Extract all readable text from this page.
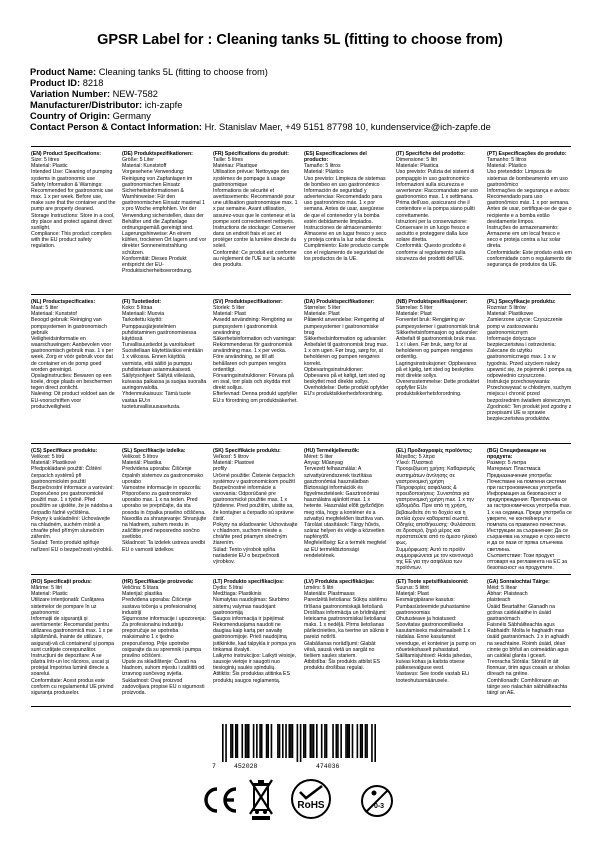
GPSR Label for : Cleaning tanks 5L (fitting to choose from)
Product Name: Cleaning tanks 5L (fitting to choose from)
Product ID: 8218
Variation Number: NEW-7582
Manufacturer/Distributor: ich-zapfe
Country of Origin: Germany
Contact Person & Contact Information: Hr. Stanislav Maer, +49 5151 87798 10, kundenservice@ich-zapfe.de
(EN) Product Specifications:

Size: 5 litres
Material: Plastic
Intended Use: Cleaning of pumping systems in gastronomic use
Safety Information & Warnings: Recommended for gastronomic use max. 1 x per week. Before use, make sure that the container and the pump are properly cleaned.
Storage Instructions: Store in a cool, dry place and protect against direct sunlight.
Compliance: This product complies with the EU product safety regulation.

(DE) Produktspezifikationen:

Größe: 5 Liter
Material: Kunststoff
Vorgesehene Verwendung: Reinigung von Zapfanlagen im gastronomischen Einsatz
Sicherheitsinformationen & Warnhinweise: Für den gastronomischen Einsatz maximal 1 x pro Woche empfohlen. Vor der Verwendung sicherstellen, dass der Behälter und die Zapfanlage ordnungsgemäß gereinigt sind.
Lagerungshinweise: An einem kühlen, trockenen Ort lagern und vor direkter Sonneneinstrahlung schützen.
Konformität: Dieses Produkt entspricht der EU-Produktsicherheitsverordnung.

(FR) Spécifications du produit:

Taille: 5 litres
Matériau: Plastique
Utilisation prévue: Nettoyage des systèmes de pompage à usage gastronomique
Informations de sécurité et avertissements: Recommandé pour une utilisation gastronomique max. 1 x par semaine. Avant utilisation, assurez-vous que le conteneur et la pompe sont correctement nettoyés.
Instructions de stockage: Conserver dans un endroit frais et sec et protéger contre la lumière directe du soleil.
Conformité: Ce produit est conforme au règlement de l'UE sur la sécurité des produits.

(ES) Especificaciones del producto:

Tamaño: 5 litros
Material: Plástico
Uso previsto: Limpieza de sistemas de bombeo en uso gastronómico
Información de seguridad y advertencias: Recomendado para uso gastronómico máx. 1 x por semana. Antes de usar, asegúrese de que el contenedor y la bomba estén debidamente limpiados.
Instrucciones de almacenamiento: Almacene en un lugar fresco y seco y proteja contra la luz solar directa.
Cumplimiento: Este producto cumple con el reglamento de seguridad de los productos de la UE.

(IT) Specifiche del prodotto:

Dimensione: 5 litri
Materiale: Plastica
Uso previsto: Pulizia dei sistemi di pompaggio in uso gastronomico
Informazioni sulla sicurezza e avvertenze: Raccomandato per uso gastronomico max. 1 x settimana. Prima dell'uso, assicurarsi che il contenitore e la pompa siano puliti correttamente.
Istruzioni per la conservazione: Conservare in un luogo fresco e asciutto e proteggere dalla luce solare diretta.
Conformità: Questo prodotto è conforme al regolamento sulla sicurezza dei prodotti dell'UE.

(PT) Especificações do produto:

Tamanho: 5 litros
Material: Plástico
Uso pretendido: Limpeza de sistemas de bombeamento em uso gastronômico
Informações de segurança e avisos: Recomendado para uso gastronômico máx. 1 x por semana. Antes de usar, certifique-se de que o recipiente e a bomba estão devidamente limpos.
Instruções de armazenamento: Armazene em um local fresco e seco e proteja contra a luz solar direta.
Conformidade: Este produto está em conformidade com o regulamento de segurança de produtos da UE.

(NL) Productspecificaties:

Maat: 5 liter
Materiaal: Kunststof
Beoogd gebruik: Reiniging van pompsystemen in gastronomisch gebruik
Veiligheidsinformatie en waarschuwingen: Aanbevolen voor gastronomisch gebruik max. 1 x per week. Zorg er vóór gebruik voor dat de container en de pomp goed worden gereinigd.
Opslaginstructies: Bewaren op een koele, droge plaats en beschermen tegen direct zonlicht.
Naleving: Dit product voldoet aan de EU-voorschriften voor productveiligheid.

(FI) Tuotetiedot:

Koko: 5 litraa
Materiaali: Muovia
Tarkoitettu käyttö: Pumppausjärjestelmien puhdistaminen gastronomisessa käytössä
Turvallisuustiedot ja varoitukset: Suositellaan käytettäväksi enintään 1 x viikossa. Ennen käyttöä varmista, että säiliö ja pumppu puhdistetaan asianmukaisesti.
Säilytysohjeet: Säilytä viileässä, kuivassa paikassa ja suojaa suoralta auringonvalolta.
Yhdenmukaisuus: Tämä tuote vastaa EU:n tuoteturvallisuusasetusta.

(SV) Produktspecifikationer:

Storlek: 5 liter
Material: Plast
Avsedd användning: Rengöring av pumpsystem i gastronomisk användning
Säkerhetsinformation och varningar: Rekommenderas för gastronomisk användning max. 1 x per vecka. Före användning, se till att behållaren och pumpen rengörs ordentligt.
Förvaringsinstruktioner: Förvara på en sval, torr plats och skydda mot direkt solljus.
Efterlevnad: Denna produkt uppfyller EU:s förordning om produktsäkerhet.

(DA) Produktspecifikationer:

Størrelse: 5 liter
Materiale: Plast
Påtænkt anvendelse: Rengøring af pumpesystemer i gastronomiske brug
Sikkerhedsinformation og advarsler: Anbefalet til gastronomisk brug max. 1 x om ugen. Før brug, sørg for, at beholderen og pumpen rengøres korrekt.
Opbevaringsinstruktioner: Opbevares på et køligt, tørt sted og beskyttet mod direkte sollys.
Overholdelse: Dette produkt opfylder EU's produktsikkerhedsforordning.

(NB) Produktspesifikasjoner:

Størrelse: 5 liter
Materiale: Plast
Forventet bruk: Rengjøring av pumpesystemer i gastronomisk bruk
Sikkerhetsinformasjon og advarsler: Anbefalt til gastronomisk bruk max. 1 x i uken. Før bruk, sørg for at beholderen og pumpen rengjøres ordentlig.
Lagringsinstruksjoner: Oppbevares på et kjølig, tørt sted og beskyttes mot direkte sollys.
Overensstemmelse: Dette produktet oppfyller EUs produktsikkerhetsforordning.

(PL) Specyfikacje produktu:

Rozmiar: 5 litrów
Materiał: Plastikowe
Zamierzone użycie: Czyszczenie pomp w zastosowaniu gastronomicznym
Informacje dotyczące bezpieczeństwa i ostrzeżenia: Zalecane do użytku gastronomicznego max. 1 x w tygodniu. Przed użyciem należy upewnić się, że pojemnik i pompa są odpowiednio czyszczone.
Instrukcje przechowywania: Przechowywać w chłodnym, suchym miejscu i chronić przed bezpośrednim światłem słonecznym.
Zgodność: Ten produkt jest zgodny z przepisami UE w sprawie bezpieczeństwa produktów.

(CS) Specifikace produktu:

Velikost: 5 litrů
Materiál: Plastikové
Předpokládané použití: Čištění čerpacích systémů při gastronomickém použití
Bezpečnostní informace a varování: Doporučeno pro gastronomické použití max. 1 x týdně. Před použitím se ujistěte, že je nádoba a čerpadlo řádně vyčištěna.
Pokyny k uskladnění: Uchovávejte na chladném, suchém místě a chraňte před přímým slunečním zářením.
Soulad: Tento produkt splňuje nařízení EU o bezpečnosti výrobků.

(SL) Specifikacije izdelka:

Velikost: 5 litrov
Materiál: Plastika
Predvidena uporaba: Čiščenje črpalnih sistemov za gastronomsko uporabo
Varnostne informacije in opozorila: Priporočeno za gastronomsko uporabo max. 1 x na teden. Pred uporabo se prepričajte, da sta posoda in črpalka pravilno očiščena.
Navodila za shranjevanje: Shranjujte na hladnem, suhem mestu in zaščitite pred neposredno sončno svetlobo.
Skladnost: Ta izdelek ustreza uredbi EU o varnosti izdelkov.

(SK) Špecifikácie produktu:

Veľkosť: 5 litrov
Materiál: Plastové
profily
Určené použitie: Čistenie čerpacích systémov v gastronomickom použití
Bezpečnostné informácie a varovania: Odporúčané pre gastronomické použitie max. 1 x týždenne. Pred použitím, uistite sa, že kontajner a čerpadlo sú správne čistiť.
Pokyny na skladovanie: Uchovávajte v chladnom, suchom mieste a chráňte pred priamym slnečným žiarením.
Súlad: Tento výrobok spĺňa nariadenie EÚ o bezpečnosti výrobkov.

(HU) Termékjellemzők:

Méret: 5 liter
Anyag: Műanyag
Tervezett felhasználás: A szivattyúrendszerek tisztítása gasztronómiai használatban
Biztonsági információk és figyelmeztetések: Gasztronómiai használatra ajánlott max. 1 x hetente. Használat előtt győződjön meg róla, hogy a konténer és a szivattyú megfelelően tisztítva van.
Tárolási utasítások: Tárgy hűvös, száraz helyen és védje a közvetlen napfénytől.
Megfelelőség: Ez a termék megfelel az EU termékbiztonsági rendeletének.

(EL) Προδιαγραφές προϊόντος:

Μέγεθος: 5 λίτρα
Υλικό: Πλαστικά
Προοριζόμενη χρήση: Καθαρισμός συστημάτων άντλησης σε γαστρονομική χρήση
Πληροφορίες ασφάλειας & προειδοποιήσεις: Συνιστάται για γαστρονομική χρήση max. 1 x την εβδομάδα. Πριν από τη χρήση, βεβαιωθείτε ότι το δοχείο και η αντλία έχουν καθαριστεί σωστά.
Οδηγίες αποθήκευσης: Φυλάσσετε σε δροσερό, ξηρό μέρος και προστατεύετε από το άμεσο ηλιακό φως.
Συμμόρφωση: Αυτό το προϊόν συμμορφώνεται με τον κανονισμό της ΕΕ για την ασφάλεια των προϊόντων.

(BG) Спецификации на продукта:

Размер: 5 литра
Материал: Пластмаса
Предназначение употреба: Почистване на помпени системи при гастрономическа употреба
Информация за безопасност и предупреждения: Препоръчва се за гастрономическа употреба max. 1 x на седмица. Преди употреба се уверете, че контейнерът и помпата са правилно почистени.
Инструкции за съхранение: Да се съхранява на хладно и сухо място и да се пази от пряка слънчева светлина.
Съответствие: Този продукт отговаря на регламента на ЕС за безопасност на продуктите.

(RO) Specificații produs:

Mărime: 5 litri
Material: Plastic
Utilizare intenționată: Curățarea sistemelor de pompare în uz gastronomic
Informații de siguranță și avertismente: Recomandat pentru utilizarea gastronomică max. 1 x pe săptămână. Înainte de utilizare, asigurați-vă că containerul și pompa sunt curățate corespunzător.
Instrucțiuni de depozitare: A se păstra într-un loc răcoros, uscat și protejat împotriva luminii directe a soarelui.
Conformitate: Acest produs este conform cu regulamentul UE privind siguranța produselor.

(HR) Specifikacije proizvoda:

Veličina: 5 litara
Materijal: plastika
Predviđena uporaba: Čišćenje sustava točenja u profesionalnoj industriji
Sigurnosne informacije i upozorenja: Za profesionalnu industriju preporučuje se upotreba maksimalno 1 x tjedno preporučenog. Prije upotrebe osigurajte da su spremnik i pumpa pravilno očišćeni.
Upute za skladištenje: Čuvati na hladnom, suhom mjestu i zaštititi od izravnog sunčevog svjetla.
Sukladnost: Ovaj proizvod zadovoljava propise EU o sigurnosti proizvoda.

(LT) Produkto specifikacijos:

Dydis: 5 litrai
Medžiaga: Plastikinis
Numatytas naudojimas: Siurbimo sistemų valymas naudojant gastronomiją
Saugos informacija ir įspėjimai: Rekomenduojama naudoti ne daugiau kaip kartą per savaitę gastronomijoje. Prieš naudojimą įsitikinkite, kad talpykla ir pompa yra tinkamai išvalyti.
Laikymo instrukcijos: Laikyti vėsioje, sausoje vietoje ir saugoti nuo tiesioginių saulės spindulių.
Atitiktis: Šis produktas atitinka ES produktų saugos reglamentą.

(LV) Produkta specifikācijas:

Izmērs: 5 litri
Materiāls: Plastmasas
Paredzētā lietošana: Sūkņu sistēmu tīrīšana gastronomiskajā lietošanā
Drošības informācija un brīdinājumi: Ieteicama gastronomiskai lietošanai maks. 1 x nedēļā. Pirms lietošanas pārliecinieties, ka tvertne un sūknis ir pareizi notīrīti.
Glabāšanas norādījumi: Glabāt vēsā, sausā vietā un sargāt no tiešiem saules stariem.
Atbilstība: Šis produkts atbilst ES produktu drošības regulai.

(ET) Toote spetsifikatsioonid:

Suurus: 5 liitrit
Materjal: Plast
Eesmärgipärane kasutus: Pumbasüsteemide puhastamine gastronoomias
Ohutusteave ja hoiatused: Soovitatav gastronoomiliseks kasutamiseks maksimaalselt 1 x nädalas. Enne kasutamist veenduge, et konteiner ja pump on nõuetekohaselt puhastatud.
Säilitamisjuhised: Hoida jahedas, kuivas kohas ja kaitsta otsese päikesevalguse eest.
Vastavus: See toode vastab ELi tooteohutusmäärusele.

(GA) Sonraíochtaí Táirge:

Méid: 5 lítear
Ábhar: Plaisteach
plaisteach
Úsáid Beartaithe: Glanadh na gcóras caidéalaithe in úsáid gastranómach
Faisnéis Sábháilteachta agus Rabhaidh: Molta le haghaidh max úsáid gastranómach. 1 x in aghaidh na seachtaine. Roimh úsáid, déan cinnte go bhfuil an coimeádán agus an caidéal glanta i gceart.
Treoracha Stórála: Stóráil in áit fionnuar, tirim agus cosain ar sholas díreach na gréine.
Comhlíonadh: Comhlíonann an táirge seo rialachán sábháilteachta táirgí an AE.

7	452028	474036
RoHS	0-3
